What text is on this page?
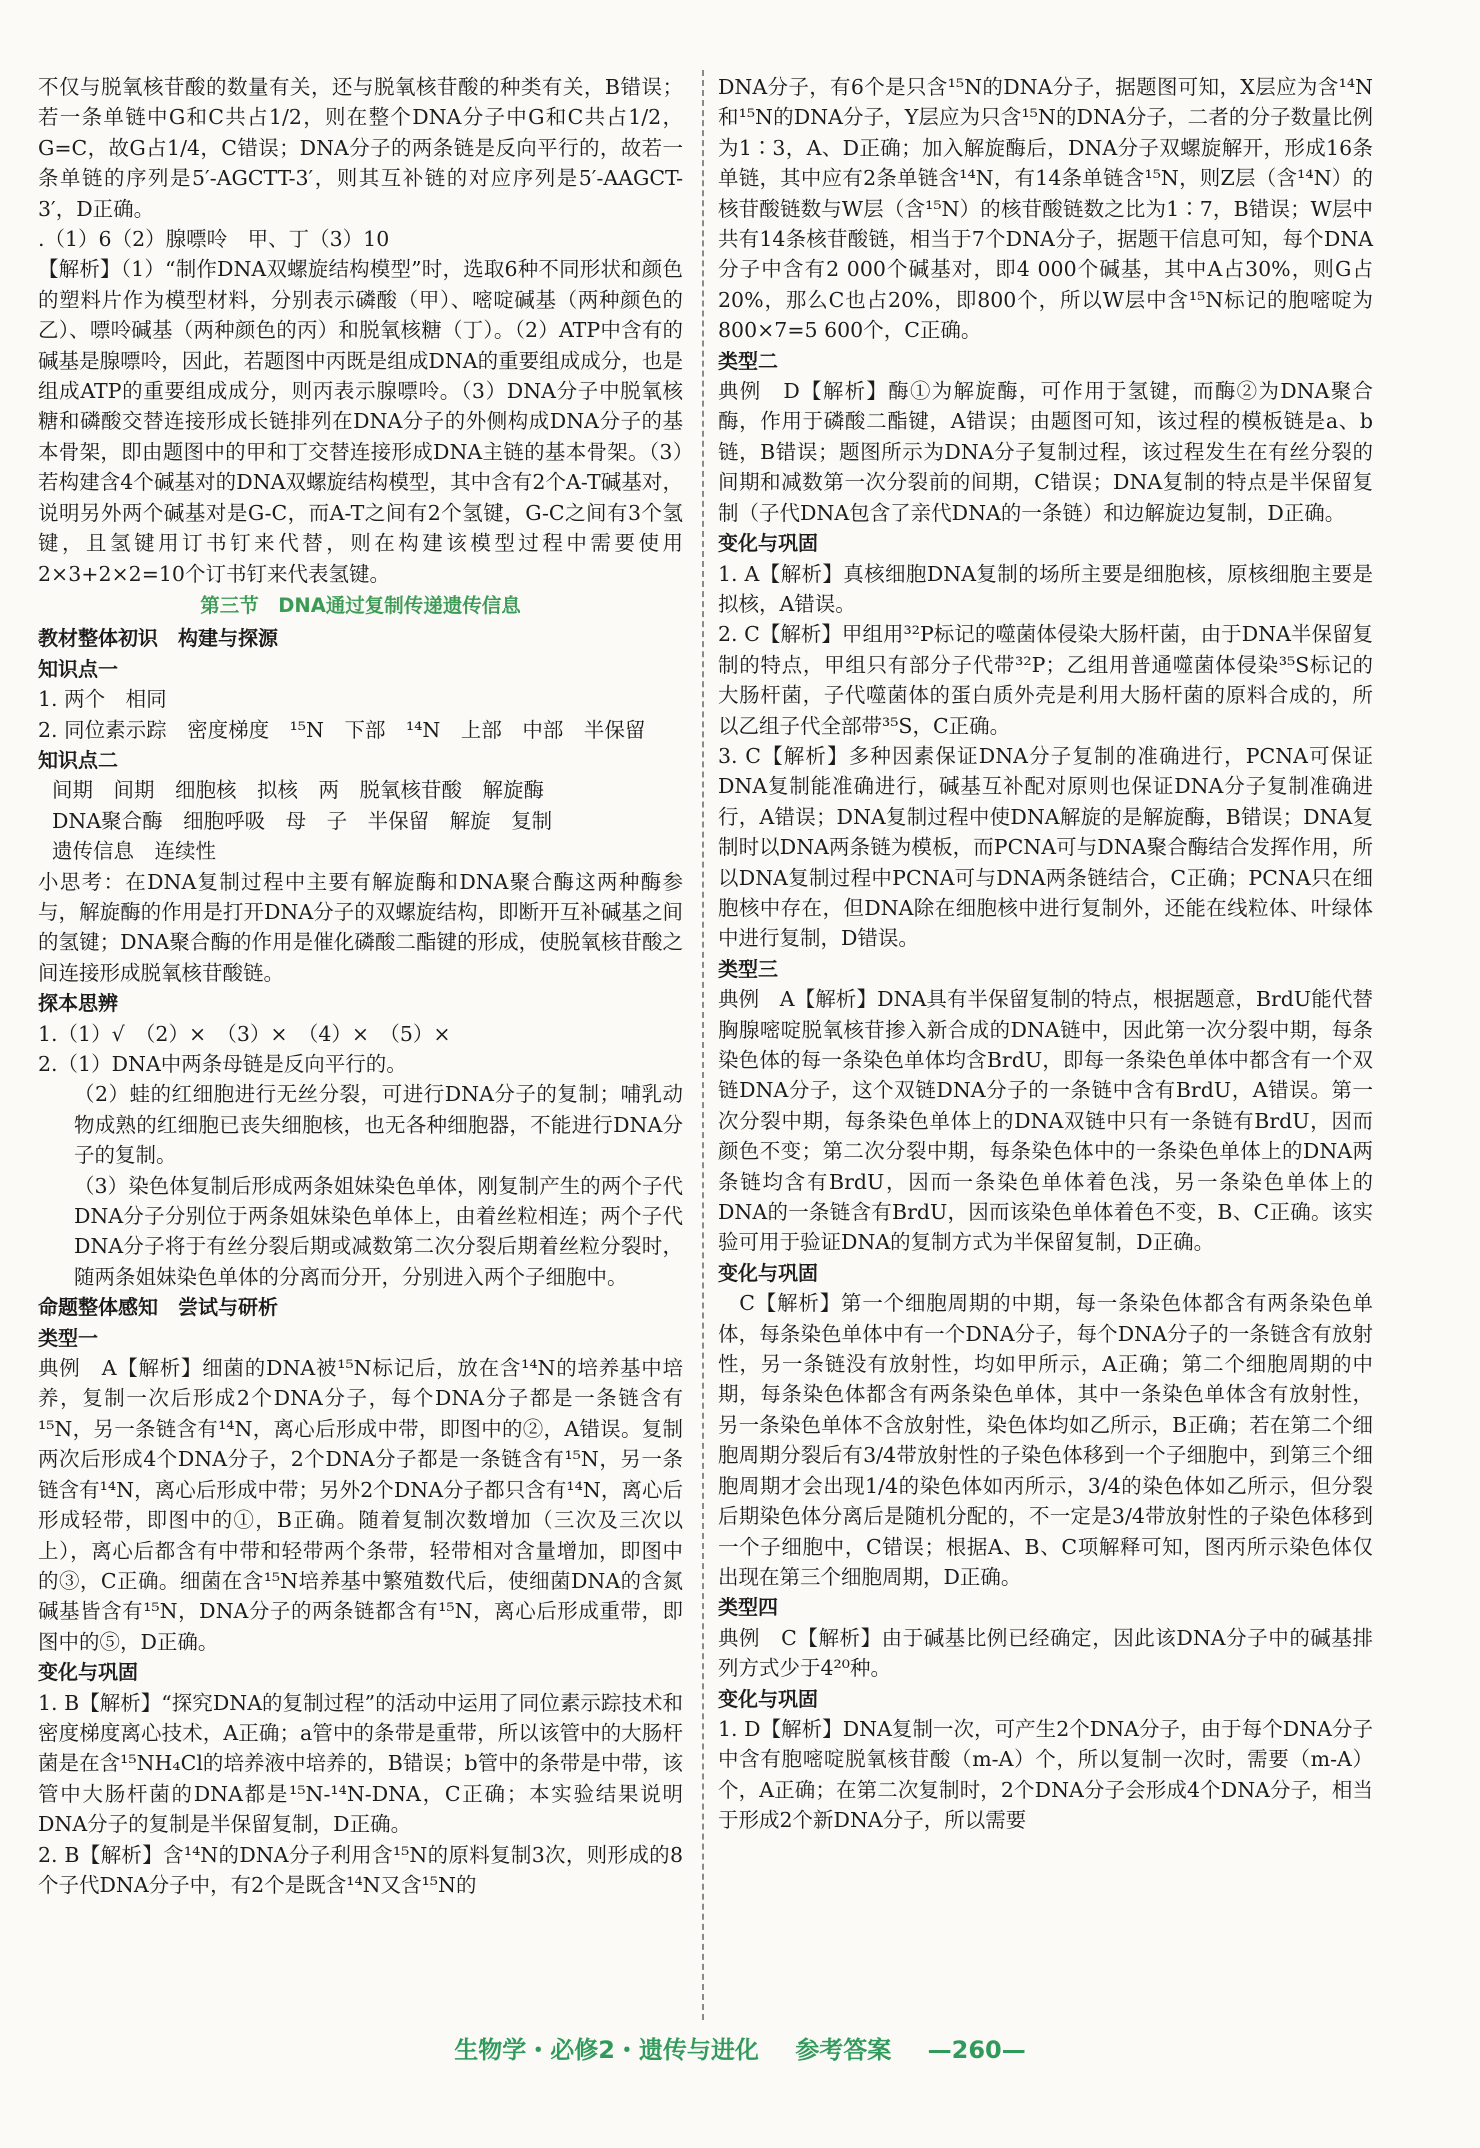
不仅与脱氧核苷酸的数量有关，还与脱氧核苷酸的种类有关，B错误；若一条单链中G和C共占1/2，则在整个DNA分子中G和C共占1/2，G=C，故G占1/4，C错误；DNA分子的两条链是反向平行的，故若一条单链的序列是5′-AGCTT-3′，则其互补链的对应序列是5′-AAGCT-3′，D正确。
.（1）6（2）腺嘌呤　甲、丁（3）10
【解析】（1）“制作DNA双螺旋结构模型”时，选取6种不同形状和颜色的塑料片作为模型材料，分别表示磷酸（甲）、嘧啶碱基（两种颜色的乙）、嘌呤碱基（两种颜色的丙）和脱氧核糖（丁）。（2）ATP中含有的碱基是腺嘌呤，因此，若题图中丙既是组成DNA的重要组成成分，也是组成ATP的重要组成成分，则丙表示腺嘌呤。（3）DNA分子中脱氧核糖和磷酸交替连接形成长链排列在DNA分子的外侧构成DNA分子的基本骨架，即由题图中的甲和丁交替连接形成DNA主链的基本骨架。（3）若构建含4个碱基对的DNA双螺旋结构模型，其中含有2个A-T碱基对，说明另外两个碱基对是G-C，而A-T之间有2个氢键，G-C之间有3个氢键，且氢键用订书钉来代替，则在构建该模型过程中需要使用2×3+2×2=10个订书钉来代表氢键。
第三节　DNA通过复制传递遗传信息
教材整体初识　构建与探源
知识点一
1. 两个　相同
2. 同位素示踪　密度梯度　¹⁵N　下部　¹⁴N　上部　中部　半保留
知识点二
间期　间期　细胞核　拟核　两　脱氧核苷酸　解旋酶
DNA聚合酶　细胞呼吸　母　子　半保留　解旋　复制
遗传信息　连续性
小思考：在DNA复制过程中主要有解旋酶和DNA聚合酶这两种酶参与，解旋酶的作用是打开DNA分子的双螺旋结构，即断开互补碱基之间的氢键；DNA聚合酶的作用是催化磷酸二酯键的形成，使脱氧核苷酸之间连接形成脱氧核苷酸链。
探本思辨
1.（1）√　（2）×　（3）×　（4）×　（5）×
2.（1）DNA中两条母链是反向平行的。
（2）蛙的红细胞进行无丝分裂，可进行DNA分子的复制；哺乳动物成熟的红细胞已丧失细胞核，也无各种细胞器，不能进行DNA分子的复制。
（3）染色体复制后形成两条姐妹染色单体，刚复制产生的两个子代DNA分子分别位于两条姐妹染色单体上，由着丝粒相连；两个子代DNA分子将于有丝分裂后期或减数第二次分裂后期着丝粒分裂时，随两条姐妹染色单体的分离而分开，分别进入两个子细胞中。
命题整体感知　尝试与研析
类型一
典例　A【解析】细菌的DNA被¹⁵N标记后，放在含¹⁴N的培养基中培养，复制一次后形成2个DNA分子，每个DNA分子都是一条链含有¹⁵N，另一条链含有¹⁴N，离心后形成中带，即图中的②，A错误。复制两次后形成4个DNA分子，2个DNA分子都是一条链含有¹⁵N，另一条链含有¹⁴N，离心后形成中带；另外2个DNA分子都只含有¹⁴N，离心后形成轻带，即图中的①，B正确。随着复制次数增加（三次及三次以上），离心后都含有中带和轻带两个条带，轻带相对含量增加，即图中的③，C正确。细菌在含¹⁵N培养基中繁殖数代后，使细菌DNA的含氮碱基皆含有¹⁵N，DNA分子的两条链都含有¹⁵N，离心后形成重带，即图中的⑤，D正确。
变化与巩固
1. B【解析】“探究DNA的复制过程”的活动中运用了同位素示踪技术和密度梯度离心技术，A正确；a管中的条带是重带，所以该管中的大肠杆菌是在含¹⁵NH₄Cl的培养液中培养的，B错误；b管中的条带是中带，该管中大肠杆菌的DNA都是¹⁵N-¹⁴N-DNA，C正确；本实验结果说明DNA分子的复制是半保留复制，D正确。
2. B【解析】含¹⁴N的DNA分子利用含¹⁵N的原料复制3次，则形成的8个子代DNA分子中，有2个是既含¹⁴N又含¹⁵N的
DNA分子，有6个是只含¹⁵N的DNA分子，据题图可知，X层应为含¹⁴N和¹⁵N的DNA分子，Y层应为只含¹⁵N的DNA分子，二者的分子数量比例为1∶3，A、D正确；加入解旋酶后，DNA分子双螺旋解开，形成16条单链，其中应有2条单链含¹⁴N，有14条单链含¹⁵N，则Z层（含¹⁴N）的核苷酸链数与W层（含¹⁵N）的核苷酸链数之比为1∶7，B错误；W层中共有14条核苷酸链，相当于7个DNA分子，据题干信息可知，每个DNA分子中含有2 000个碱基对，即4 000个碱基，其中A占30%，则G占20%，那么C也占20%，即800个，所以W层中含¹⁵N标记的胞嘧啶为800×7=5 600个，C正确。
类型二
典例　D【解析】酶①为解旋酶，可作用于氢键，而酶②为DNA聚合酶，作用于磷酸二酯键，A错误；由题图可知，该过程的模板链是a、b链，B错误；题图所示为DNA分子复制过程，该过程发生在有丝分裂的间期和减数第一次分裂前的间期，C错误；DNA复制的特点是半保留复制（子代DNA包含了亲代DNA的一条链）和边解旋边复制，D正确。
变化与巩固
1. A【解析】真核细胞DNA复制的场所主要是细胞核，原核细胞主要是拟核，A错误。
2. C【解析】甲组用³²P标记的噬菌体侵染大肠杆菌，由于DNA半保留复制的特点，甲组只有部分子代带³²P；乙组用普通噬菌体侵染³⁵S标记的大肠杆菌，子代噬菌体的蛋白质外壳是利用大肠杆菌的原料合成的，所以乙组子代全部带³⁵S，C正确。
3. C【解析】多种因素保证DNA分子复制的准确进行，PCNA可保证DNA复制能准确进行，碱基互补配对原则也保证DNA分子复制准确进行，A错误；DNA复制过程中使DNA解旋的是解旋酶，B错误；DNA复制时以DNA两条链为模板，而PCNA可与DNA聚合酶结合发挥作用，所以DNA复制过程中PCNA可与DNA两条链结合，C正确；PCNA只在细胞核中存在，但DNA除在细胞核中进行复制外，还能在线粒体、叶绿体中进行复制，D错误。
类型三
典例　A【解析】DNA具有半保留复制的特点，根据题意，BrdU能代替胸腺嘧啶脱氧核苷掺入新合成的DNA链中，因此第一次分裂中期，每条染色体的每一条染色单体均含BrdU，即每一条染色单体中都含有一个双链DNA分子，这个双链DNA分子的一条链中含有BrdU，A错误。第一次分裂中期，每条染色单体上的DNA双链中只有一条链有BrdU，因而颜色不变；第二次分裂中期，每条染色体中的一条染色单体上的DNA两条链均含有BrdU，因而一条染色单体着色浅，另一条染色单体上的DNA的一条链含有BrdU，因而该染色单体着色不变，B、C正确。该实验可用于验证DNA的复制方式为半保留复制，D正确。
变化与巩固
　C【解析】第一个细胞周期的中期，每一条染色体都含有两条染色单体，每条染色单体中有一个DNA分子，每个DNA分子的一条链含有放射性，另一条链没有放射性，均如甲所示，A正确；第二个细胞周期的中期，每条染色体都含有两条染色单体，其中一条染色单体含有放射性，另一条染色单体不含放射性，染色体均如乙所示，B正确；若在第二个细胞周期分裂后有3/4带放射性的子染色体移到一个子细胞中，到第三个细胞周期才会出现1/4的染色体如丙所示，3/4的染色体如乙所示，但分裂后期染色体分离后是随机分配的，不一定是3/4带放射性的子染色体移到一个子细胞中，C错误；根据A、B、C项解释可知，图丙所示染色体仅出现在第三个细胞周期，D正确。
类型四
典例　C【解析】由于碱基比例已经确定，因此该DNA分子中的碱基排列方式少于4²⁰种。
变化与巩固
1. D【解析】DNA复制一次，可产生2个DNA分子，由于每个DNA分子中含有胞嘧啶脱氧核苷酸（m-A）个，所以复制一次时，需要（m-A）个，A正确；在第二次复制时，2个DNA分子会形成4个DNA分子，相当于形成2个新DNA分子，所以需要
生物学・必修2・遗传与进化 参考答案 —260—
